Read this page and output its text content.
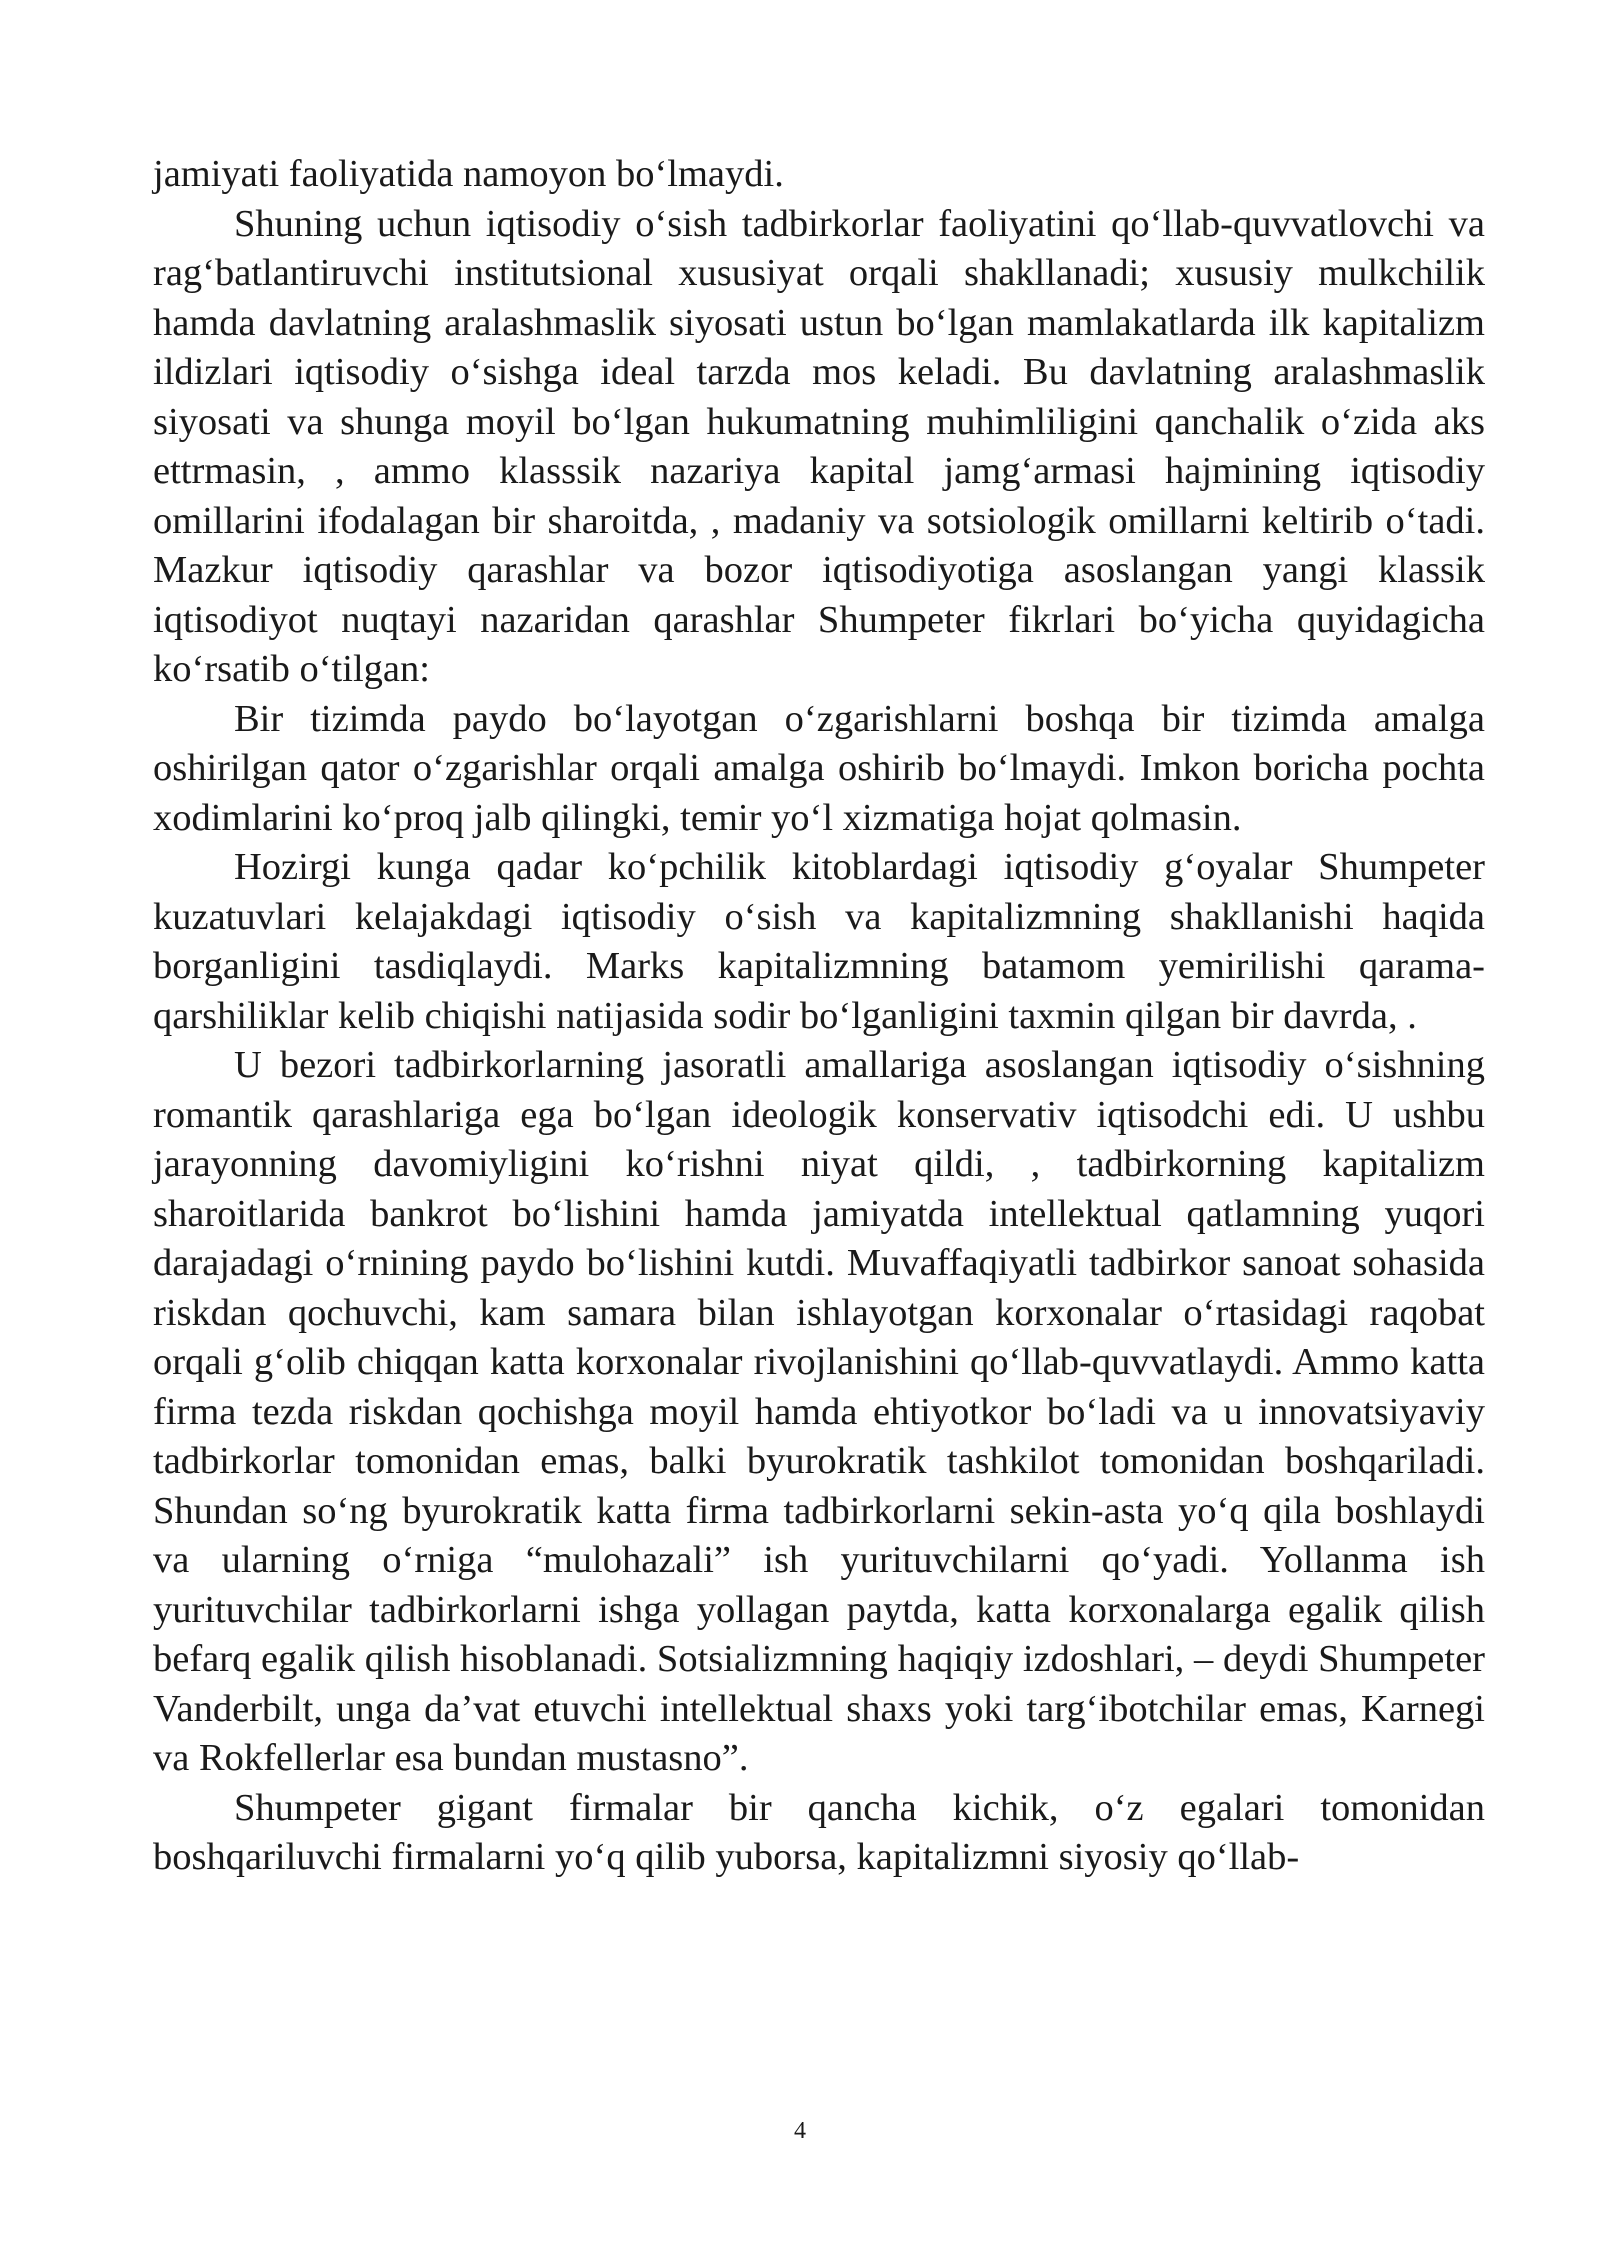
jamiyati faoliyatida namoyon bo‘lmaydi.

Shuning uchun iqtisodiy o‘sish tadbirkorlar faoliyatini qo‘llab-quvvatlovchi va rag‘batlantiruvchi institutsional xususiyat orqali shakllanadi; xususiy mulkchilik hamda davlatning aralashmaslik siyosati ustun bo‘lgan mamlakatlarda ilk kapitalizm ildizlari iqtisodiy o‘sishga ideal tarzda mos keladi. Bu davlatning aralashmaslik siyosati va shunga moyil bo‘lgan hukumatning muhimliligini qanchalik o‘zida aks ettrmasin, , ammo klasssik nazariya kapital jamg‘armasi hajmining iqtisodiy omillarini ifodalagan bir sharoitda, , madaniy va sotsiologik omillarni keltirib o‘tadi. Mazkur iqtisodiy qarashlar va bozor iqtisodiyotiga asoslangan yangi klassik iqtisodiyot nuqtayi nazaridan qarashlar Shumpeter fikrlari bo‘yicha quyidagicha ko‘rsatib o‘tilgan:

Bir tizimda paydo bo‘layotgan o‘zgarishlarni boshqa bir tizimda amalga oshirilgan qator o‘zgarishlar orqali amalga oshirib bo‘lmaydi. Imkon boricha pochta xodimlarini ko‘proq jalb qilingki, temir yo‘l xizmatiga hojat qolmasin.

Hozirgi kunga qadar ko‘pchilik kitoblardagi iqtisodiy g‘oyalar Shumpeter kuzatuvlari kelajakdagi iqtisodiy o‘sish va kapitalizmning shakllanishi haqida borganligini tasdiqlaydi. Marks kapitalizmning batamom yemirilishi qarama-qarshiliklar kelib chiqishi natijasida sodir bo‘lganligini taxmin qilgan bir davrda, .

U bezori tadbirkorlarning jasoratli amallariga asoslangan iqtisodiy o‘sishning romantik qarashlariga ega bo‘lgan ideologik konservativ iqtisodchi edi. U ushbu jarayonning davomiyligini ko‘rishni niyat qildi, , tadbirkorning kapitalizm sharoitlarida bankrot bo‘lishini hamda jamiyatda intellektual qatlamning yuqori darajadagi o‘rnining paydo bo‘lishini kutdi. Muvaffaqiyatli tadbirkor sanoat sohasida riskdan qochuvchi, kam samara bilan ishlayotgan korxonalar o‘rtasidagi raqobat orqali g‘olib chiqqan katta korxonalar rivojlanishini qo‘llab-quvvatlaydi. Ammo katta firma tezda riskdan qochishga moyil hamda ehtiyotkor bo‘ladi va u innovatsiyaviy tadbirkorlar tomonidan emas, balki byurokratik tashkilot tomonidan boshqariladi. Shundan so‘ng byurokratik katta firma tadbirkorlarni sekin-asta yo‘q qila boshlaydi va ularning o‘rniga “mulohazali” ish yurituvchilarni qo‘yadi. Yollanma ish yurituvchilar tadbirkorlarni ishga yollagan paytda, katta korxonalarga egalik qilish befarq egalik qilish hisoblanadi. Sotsializmning haqiqiy izdoshlari, – deydi Shumpeter Vanderbilt, unga da’vat etuvchi intellektual shaxs yoki targ‘ibotchilar emas, Karnegi va Rokfellerlar esa bundan mustasno”.

Shumpeter gigant firmalar bir qancha kichik, o‘z egalari tomonidan boshqariluvchi firmalarni yo‘q qilib yuborsa, kapitalizmni siyosiy qo‘llab-

4
